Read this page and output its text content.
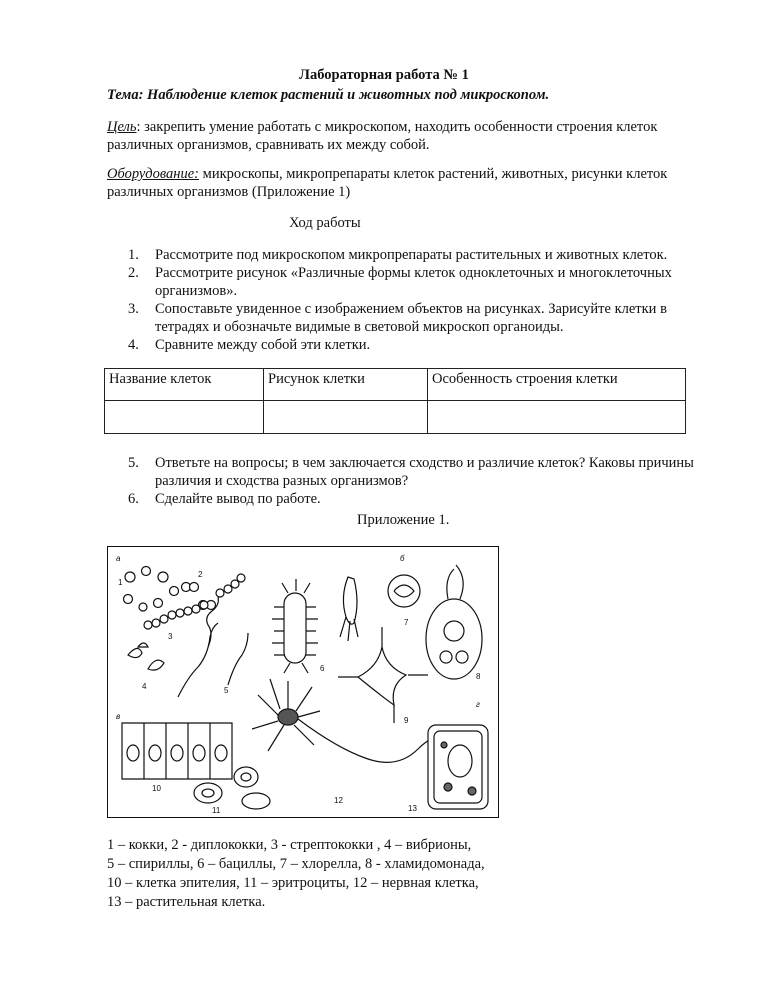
Лабораторная работа № 1
Тема: Наблюдение клеток растений и животных под микроскопом.
Цель: закрепить умение работать с микроскопом, находить особенности строения клеток различных организмов, сравнивать их между собой.
Оборудование: микроскопы, микропрепараты клеток растений, животных, рисунки клеток различных организмов (Приложение 1)
Ход работы
1.	Рассмотрите под микроскопом микропрепараты растительных и животных клеток.
2.	Рассмотрите рисунок «Различные формы клеток одноклеточных и многоклеточных организмов».
3.	Сопоставьте увиденное с изображением объектов на рисунках. Зарисуйте клетки в тетрадях и обозначьте видимые в световой микроскоп органоиды.
4.	Сравните между собой эти клетки.
Название клеток	Рисунок клетки	Особенность строения клетки

5.	Ответьте на вопросы; в чем заключается сходство и различие клеток? Каковы причины различия и сходства разных организмов?
6.	Сделайте вывод по работе.
Приложение 1.
а	б
в
г
1
2
3
4	5
6
7
8
9
10
11
12
13
1 – кокки, 2 - диплококки, 3 - стрептококки , 4 – вибрионы,
5 – спириллы, 6 – бациллы, 7 – хлорелла, 8 - хламидомонада,
10 – клетка эпителия, 11 – эритроциты, 12 – нервная клетка,
13 – растительная клетка.
